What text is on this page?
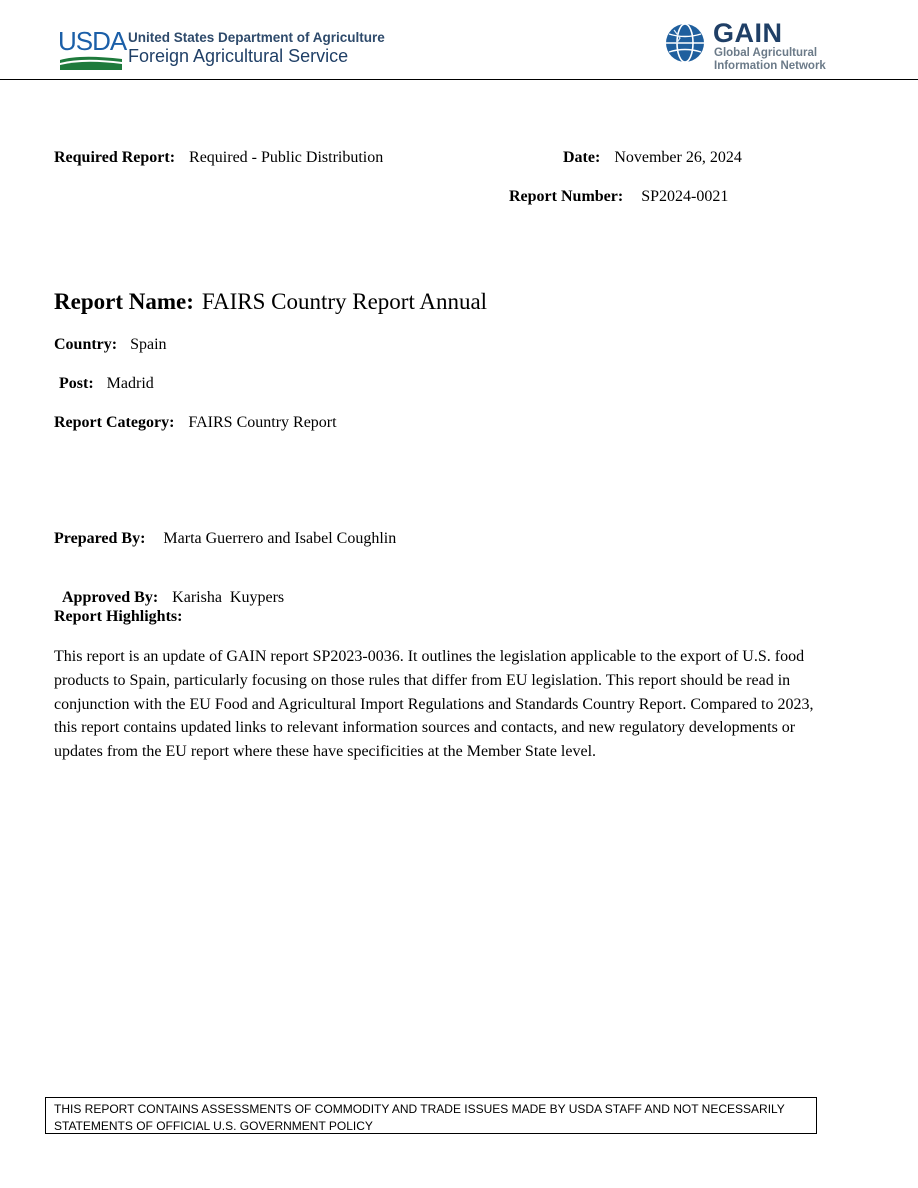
USDA United States Department of Agriculture
Foreign Agricultural Service
GAIN
Global Agricultural
Information Network
Required Report: Required - Public Distribution	Date: November 26, 2024
Report Number: SP2024-0021
Report Name: FAIRS Country Report Annual
Country: Spain
Post: Madrid
Report Category: FAIRS Country Report
Prepared By: Marta Guerrero and Isabel Coughlin

Approved By: Karisha  Kuypers

Report Highlights:
This report is an update of GAIN report SP2023-0036. It outlines the legislation applicable to the export of U.S. food products to Spain, particularly focusing on those rules that differ from EU legislation. This report should be read in conjunction with the EU Food and Agricultural Import Regulations and Standards Country Report. Compared to 2023, this report contains updated links to relevant information sources and contacts, and new regulatory developments or updates from the EU report where these have specificities at the Member State level.
THIS REPORT CONTAINS ASSESSMENTS OF COMMODITY AND TRADE ISSUES MADE BY USDA STAFF AND NOT NECESSARILY STATEMENTS OF OFFICIAL U.S. GOVERNMENT POLICY
